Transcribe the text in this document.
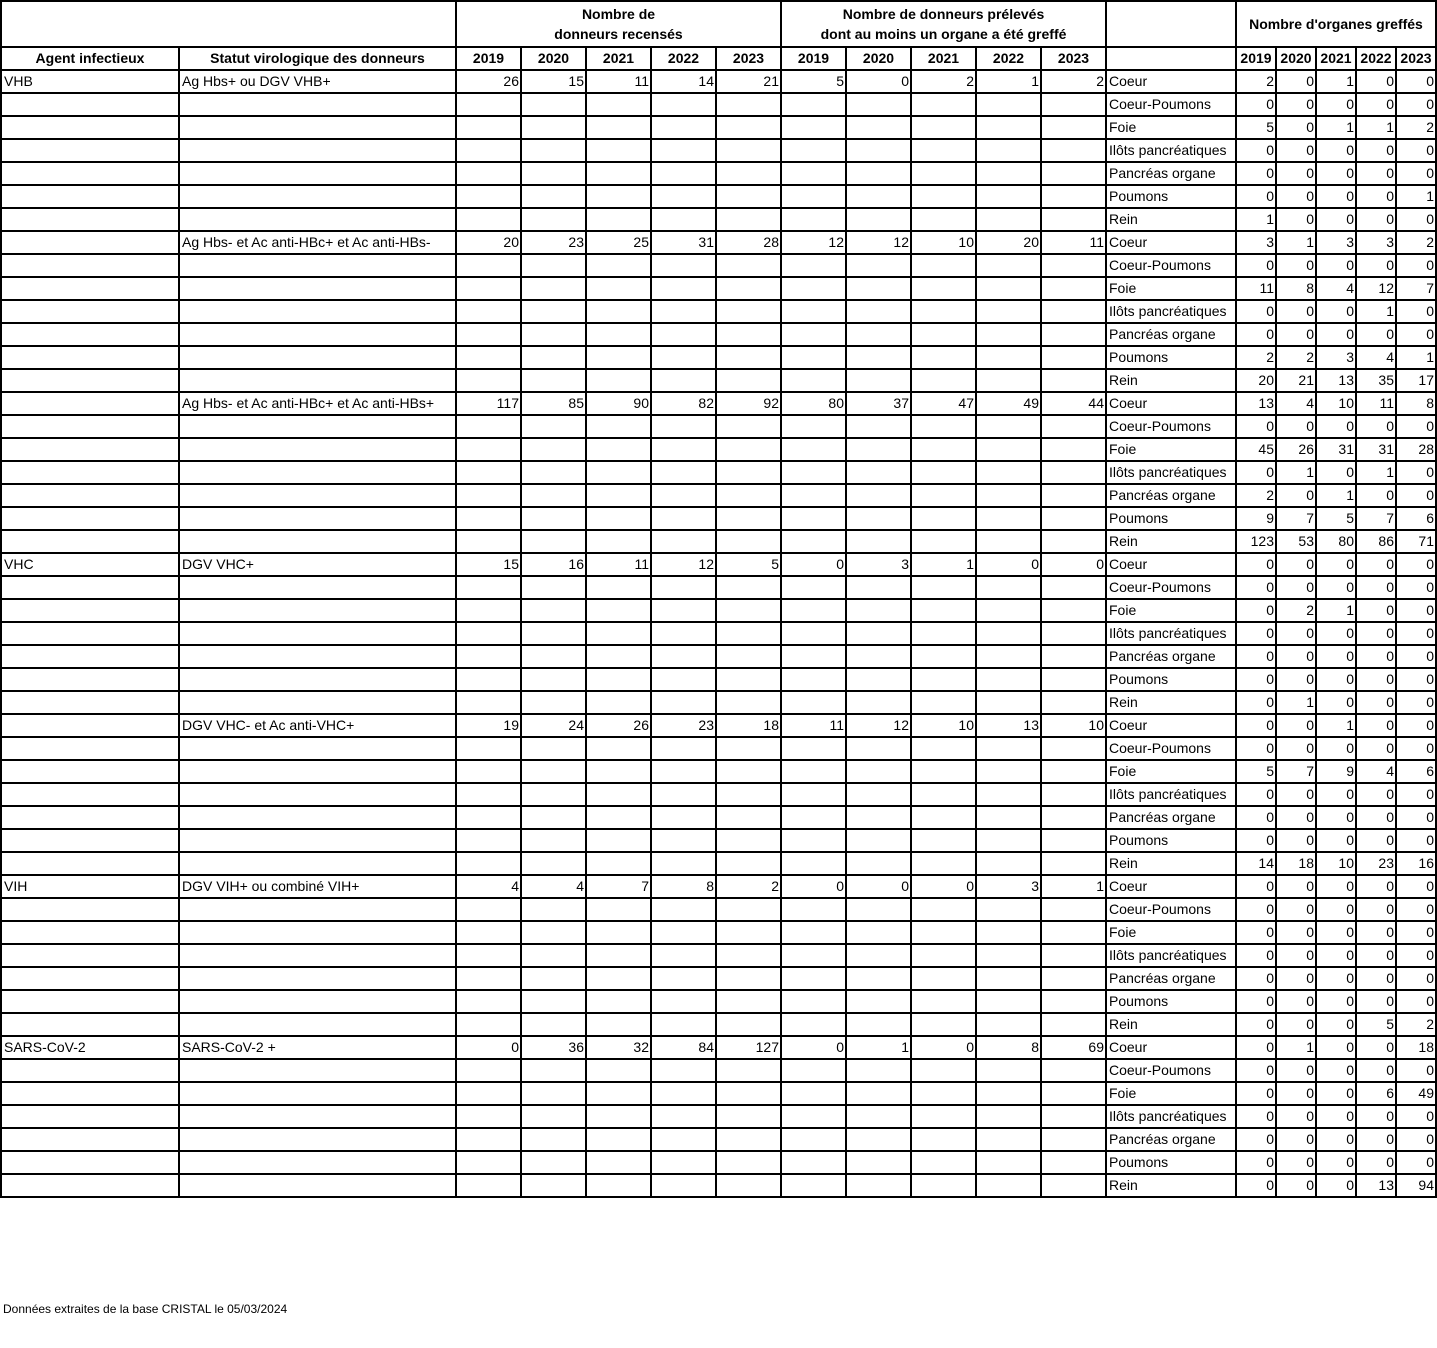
		Nombre de
donneurs recensés					Nombre de donneurs prélevés
dont au moins un organe a été greffé						Nombre d'organes greffés				
Agent infectieux	Statut virologique des donneurs	2019	2020	2021	2022	2023	2019	2020	2021	2022	2023		2019	2020	2021	2022	2023
VHB	Ag Hbs+ ou DGV VHB+	26	15	11	14	21	5	0	2	1	2	Coeur	2	0	1	0	0
												Coeur-Poumons	0	0	0	0	0
												Foie	5	0	1	1	2
												Ilôts pancréatiques	0	0	0	0	0
												Pancréas organe	0	0	0	0	0
												Poumons	0	0	0	0	1
												Rein	1	0	0	0	0
	Ag Hbs- et Ac anti-HBc+ et Ac anti-HBs-	20	23	25	31	28	12	12	10	20	11	Coeur	3	1	3	3	2
												Coeur-Poumons	0	0	0	0	0
												Foie	11	8	4	12	7
												Ilôts pancréatiques	0	0	0	1	0
												Pancréas organe	0	0	0	0	0
												Poumons	2	2	3	4	1
												Rein	20	21	13	35	17
	Ag Hbs- et Ac anti-HBc+ et Ac anti-HBs+	117	85	90	82	92	80	37	47	49	44	Coeur	13	4	10	11	8
												Coeur-Poumons	0	0	0	0	0
												Foie	45	26	31	31	28
												Ilôts pancréatiques	0	1	0	1	0
												Pancréas organe	2	0	1	0	0
												Poumons	9	7	5	7	6
												Rein	123	53	80	86	71
VHC	DGV VHC+	15	16	11	12	5	0	3	1	0	0	Coeur	0	0	0	0	0
												Coeur-Poumons	0	0	0	0	0
												Foie	0	2	1	0	0
												Ilôts pancréatiques	0	0	0	0	0
												Pancréas organe	0	0	0	0	0
												Poumons	0	0	0	0	0
												Rein	0	1	0	0	0
	DGV VHC- et Ac anti-VHC+	19	24	26	23	18	11	12	10	13	10	Coeur	0	0	1	0	0
												Coeur-Poumons	0	0	0	0	0
												Foie	5	7	9	4	6
												Ilôts pancréatiques	0	0	0	0	0
												Pancréas organe	0	0	0	0	0
												Poumons	0	0	0	0	0
												Rein	14	18	10	23	16
VIH	DGV VIH+ ou combiné VIH+	4	4	7	8	2	0	0	0	3	1	Coeur	0	0	0	0	0
												Coeur-Poumons	0	0	0	0	0
												Foie	0	0	0	0	0
												Ilôts pancréatiques	0	0	0	0	0
												Pancréas organe	0	0	0	0	0
												Poumons	0	0	0	0	0
												Rein	0	0	0	5	2
SARS-CoV-2	SARS-CoV-2 +	0	36	32	84	127	0	1	0	8	69	Coeur	0	1	0	0	18
												Coeur-Poumons	0	0	0	0	0
												Foie	0	0	0	6	49
												Ilôts pancréatiques	0	0	0	0	0
												Pancréas organe	0	0	0	0	0
												Poumons	0	0	0	0	0
												Rein	0	0	0	13	94
Données extraites de la base CRISTAL le 05/03/2024
